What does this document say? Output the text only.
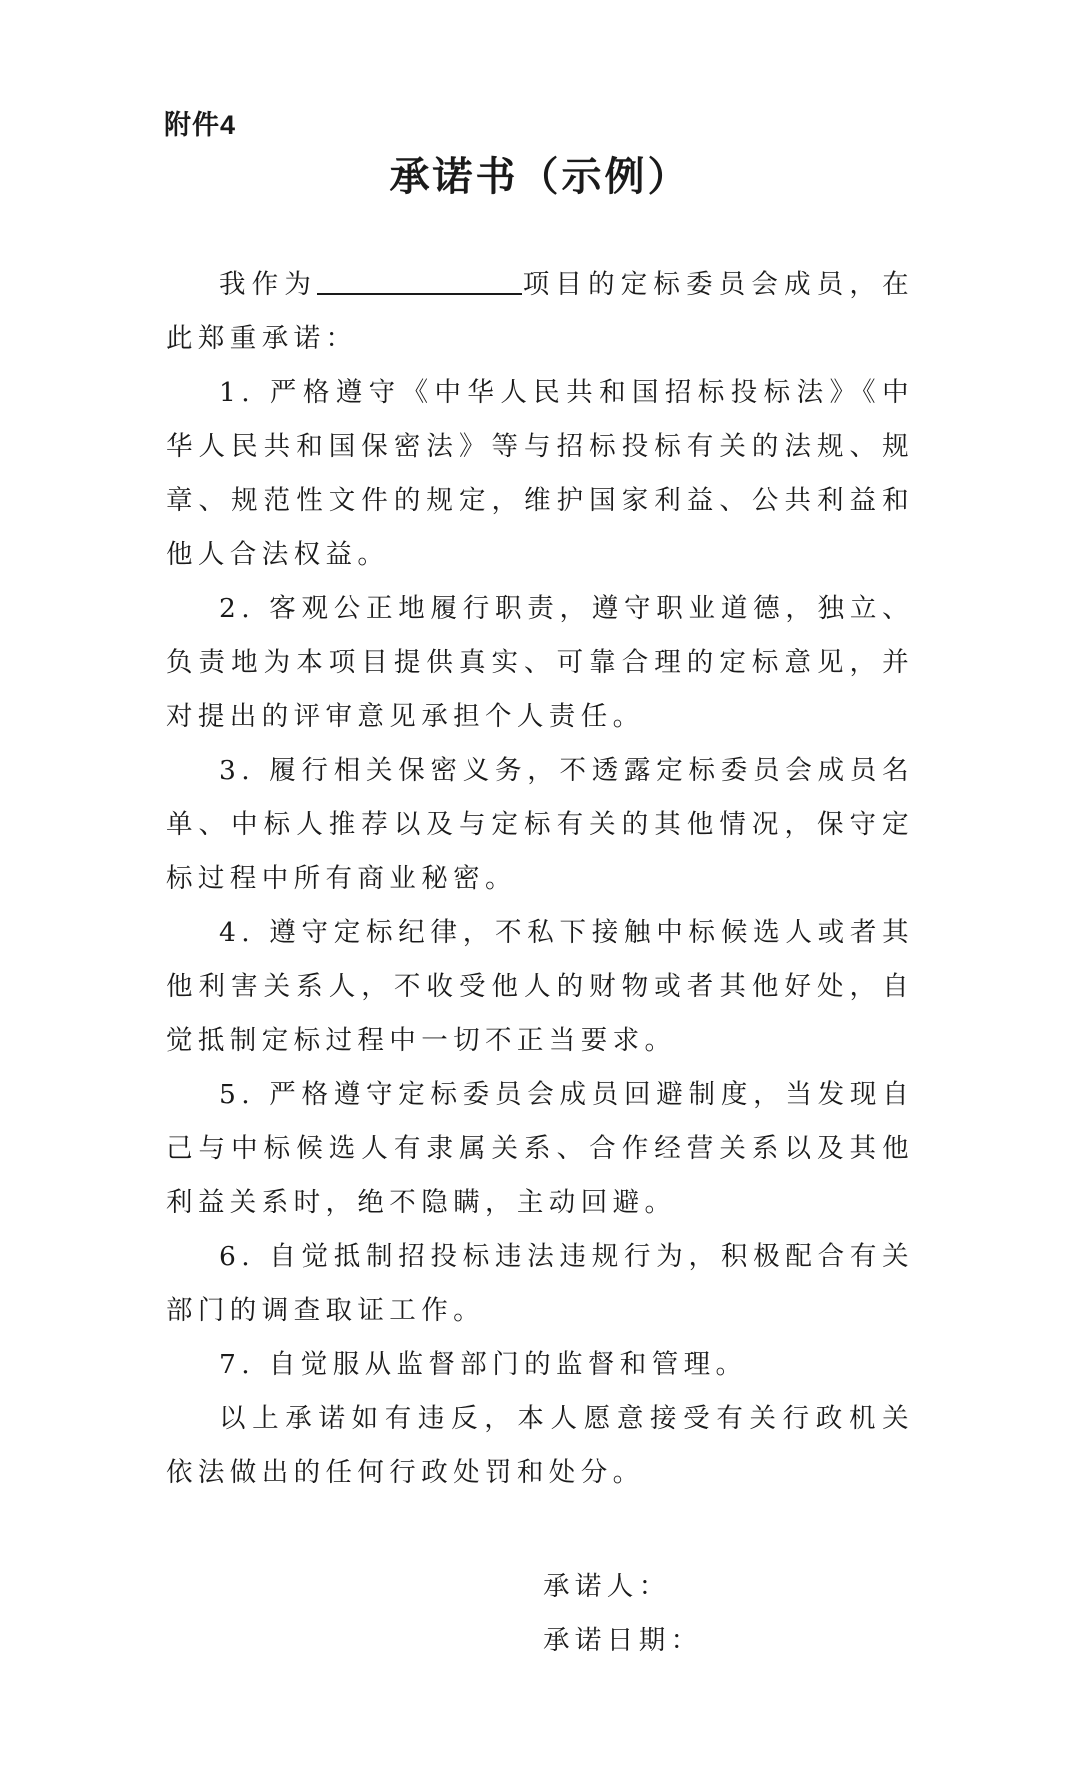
附件4
承诺书（示例）

我作为	项目的定标委员会成员，在此郑重承诺：

1. 严格遵守《中华人民共和国招标投标法》《中华人民共和国保密法》等与招标投标有关的法规、规章、规范性文件的规定，维护国家利益、公共利益和他人合法权益。

2. 客观公正地履行职责，遵守职业道德，独立、负责地为本项目提供真实、可靠合理的定标意见，并对提出的评审意见承担个人责任。

3. 履行相关保密义务，不透露定标委员会成员名单、中标人推荐以及与定标有关的其他情况，保守定标过程中所有商业秘密。

4. 遵守定标纪律，不私下接触中标候选人或者其他利害关系人，不收受他人的财物或者其他好处，自觉抵制定标过程中一切不正当要求。

5. 严格遵守定标委员会成员回避制度，当发现自己与中标候选人有隶属关系、合作经营关系以及其他利益关系时，绝不隐瞒，主动回避。

6. 自觉抵制招投标违法违规行为，积极配合有关部门的调查取证工作。

7. 自觉服从监督部门的监督和管理。

以上承诺如有违反，本人愿意接受有关行政机关依法做出的任何行政处罚和处分。

承诺人：
承诺日期：
